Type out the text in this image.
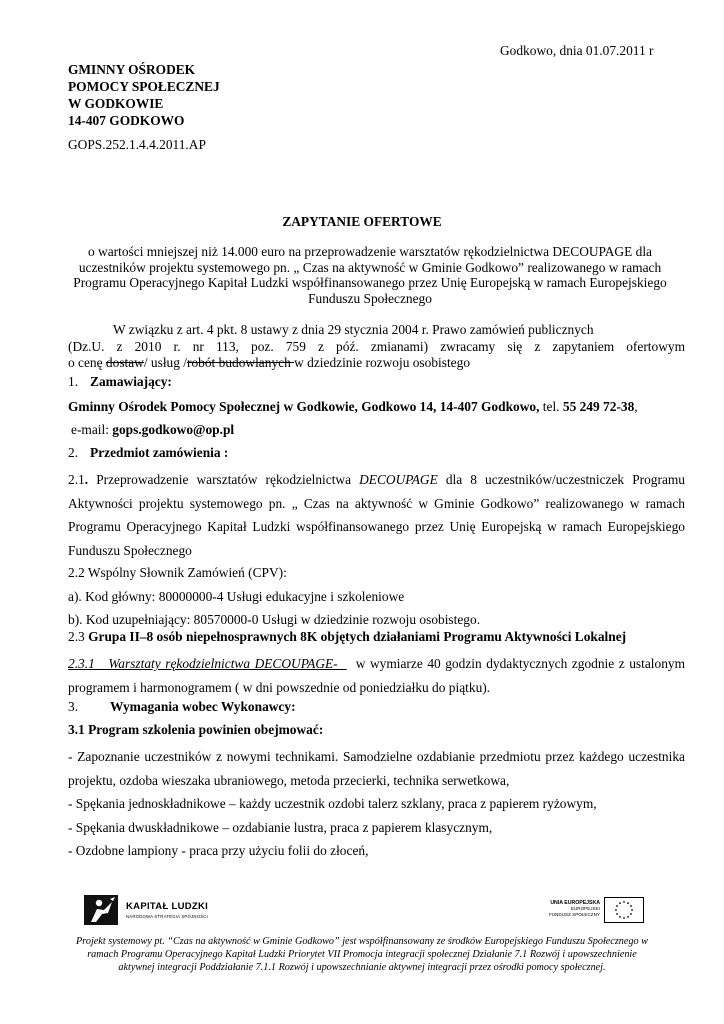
Godkowo, dnia 01.07.2011 r
GMINNY OŚRODEK
POMOCY SPOŁECZNEJ
W GODKOWIE
14-407 GODKOWO
GOPS.252.1.4.4.2011.AP
ZAPYTANIE OFERTOWE
o wartości mniejszej niż 14.000 euro na przeprowadzenie warsztatów rękodzielnictwa DECOUPAGE dla
uczestników projektu systemowego pn. „ Czas na aktywność w Gminie Godkowo” realizowanego w ramach
Programu Operacyjnego Kapitał Ludzki współfinansowanego przez Unię Europejską w ramach Europejskiego
Funduszu Społecznego
W związku z art. 4 pkt. 8 ustawy z dnia 29 stycznia 2004 r. Prawo zamówień publicznych
(Dz.U. z 2010 r. nr 113, poz. 759 z póź. zmianami) zwracamy się z zapytaniem ofertowym
o cenę dostaw/ usług /robót budowlanych w dziedzinie rozwoju osobistego
1. Zamawiający:
Gminny Ośrodek Pomocy Społecznej w Godkowie, Godkowo 14, 14-407 Godkowo, tel. 55 249 72-38,
e-mail: gops.godkowo@op.pl
2. Przedmiot zamówienia :
2.1. Przeprowadzenie warsztatów rękodzielnictwa DECOUPAGE dla 8 uczestników/uczestniczek Programu
Aktywności projektu systemowego pn. „ Czas na aktywność w Gminie Godkowo” realizowanego w ramach
Programu Operacyjnego Kapitał Ludzki współfinansowanego przez Unię Europejską w ramach Europejskiego
Funduszu Społecznego
2.2 Wspólny Słownik Zamówień (CPV):
a). Kod główny: 80000000-4 Usługi edukacyjne i szkoleniowe
b). Kod uzupełniający: 80570000-0 Usługi w dziedzinie rozwoju osobistego.
2.3 Grupa II–8 osób niepełnosprawnych 8K objętych działaniami Programu Aktywności Lokalnej
2.3.1   Warsztaty rękodzielnictwa DECOUPAGE-    w wymiarze 40 godzin dydaktycznych zgodnie z ustalonym
programem i harmonogramem ( w dni powszednie od poniedziałku do piątku).
3. Wymagania wobec Wykonawcy:
3.1 Program szkolenia powinien obejmować:
- Zapoznanie uczestników z nowymi technikami. Samodzielne ozdabianie przedmiotu przez każdego uczestnika
projektu, ozdoba wieszaka ubraniowego, metoda przecierki, technika serwetkowa,
- Spękania jednoskładnikowe – każdy uczestnik ozdobi talerz szklany, praca z papierem ryżowym,
- Spękania dwuskładnikowe – ozdabianie lustra, praca z papierem klasycznym,
- Ozdobne lampiony - praca przy użyciu folii do złoceń,
KAPITAŁ LUDZKI
NARODOWA STRATEGIA SPÓJNOŚCI
UNIA EUROPEJSKA
EUROPEJSKI
FUNDUSZ SPOŁECZNY
Projekt systemowy pt. “Czas na aktywność w Gminie Godkowo” jest współfinansowany ze środków Europejskiego Funduszu Społecznego w
ramach Programu Operacyjnego Kapitał Ludzki Priorytet VII Promocja integracji społecznej Działanie 7.1 Rozwój i upowszechnienie
aktywnej integracji Poddziałanie 7.1.1 Rozwój i upowszechnianie aktywnej integracji przez ośrodki pomocy społecznej.
